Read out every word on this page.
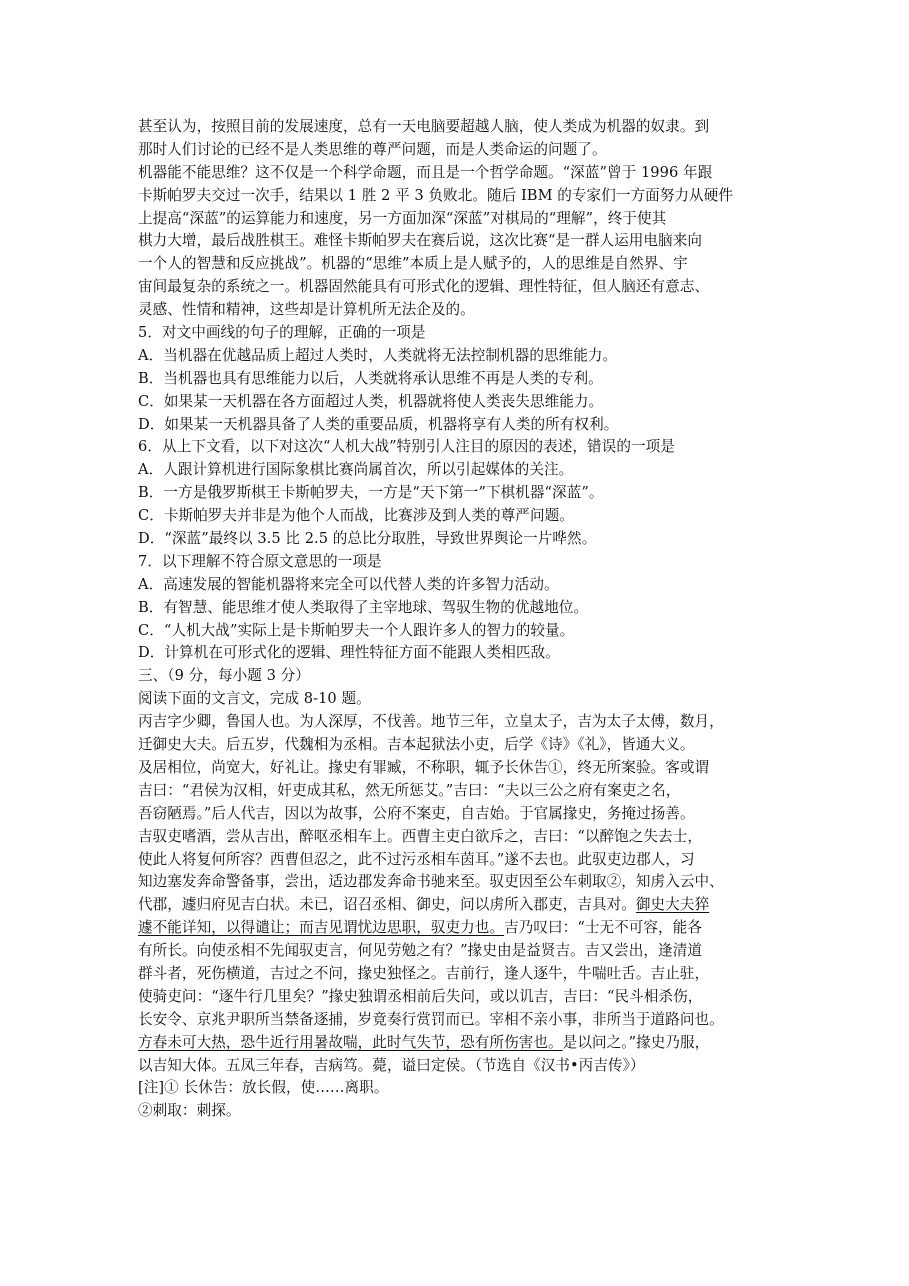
甚至认为，按照目前的发展速度，总有一天电脑要超越人脑，使人类成为机器的奴隶。到
那时人们讨论的已经不是人类思维的尊严问题，而是人类命运的问题了。
机器能不能思维？这不仅是一个科学命题，而且是一个哲学命题。“深蓝”曾于 1996 年跟
卡斯帕罗夫交过一次手，结果以 1 胜 2 平 3 负败北。随后 IBM 的专家们一方面努力从硬件
上提高“深蓝”的运算能力和速度，另一方面加深“深蓝”对棋局的“理解”，终于使其
棋力大增，最后战胜棋王。难怪卡斯帕罗夫在赛后说，这次比赛“是一群人运用电脑来向
一个人的智慧和反应挑战”。机器的“思维”本质上是人赋予的，人的思维是自然界、宇
宙间最复杂的系统之一。机器固然能具有可形式化的逻辑、理性特征，但人脑还有意志、
灵感、性情和精神，这些却是计算机所无法企及的。
5．对文中画线的句子的理解，正确的一项是
A．当机器在优越品质上超过人类时，人类就将无法控制机器的思维能力。
B．当机器也具有思维能力以后，人类就将承认思维不再是人类的专利。
C．如果某一天机器在各方面超过人类，机器就将使人类丧失思维能力。
D．如果某一天机器具备了人类的重要品质，机器将享有人类的所有权利。
6．从上下文看，以下对这次“人机大战”特别引人注目的原因的表述，错误的一项是
A．人跟计算机进行国际象棋比赛尚属首次，所以引起媒体的关注。
B．一方是俄罗斯棋王卡斯帕罗夫，一方是“天下第一”下棋机器“深蓝”。
C．卡斯帕罗夫并非是为他个人而战，比赛涉及到人类的尊严问题。
D．“深蓝”最终以 3.5 比 2.5 的总比分取胜，导致世界舆论一片哗然。
7．以下理解不符合原文意思的一项是
A．高速发展的智能机器将来完全可以代替人类的许多智力活动。
B．有智慧、能思维才使人类取得了主宰地球、驾驭生物的优越地位。
C．“人机大战”实际上是卡斯帕罗夫一个人跟许多人的智力的较量。
D．计算机在可形式化的逻辑、理性特征方面不能跟人类相匹敌。
三、（9 分，每小题 3 分）
阅读下面的文言文，完成 8-10 题。
丙吉字少卿，鲁国人也。为人深厚，不伐善。地节三年，立皇太子，吉为太子太傅，数月，
迁御史大夫。后五岁，代魏相为丞相。吉本起狱法小吏，后学《诗》《礼》，皆通大义。
及居相位，尚宽大，好礼让。掾史有罪臧，不称职，辄予长休告①，终无所案验。客或谓
吉曰：“君侯为汉相，奸吏成其私，然无所惩艾。”吉曰：“夫以三公之府有案吏之名，
吾窃陋焉。”后人代吉，因以为故事，公府不案吏，自吉始。于官属掾史，务掩过扬善。
吉驭吏嗜酒，尝从吉出，醉呕丞相车上。西曹主吏白欲斥之，吉曰：“以醉饱之失去士，
使此人将复何所容？西曹但忍之，此不过污丞相车茵耳。”遂不去也。此驭吏边郡人，习
知边塞发奔命警备事，尝出，适边郡发奔命书驰来至。驭吏因至公车刺取②，知虏入云中、
代郡，遽归府见吉白状。未已，诏召丞相、御史，问以虏所入郡吏，吉具对。御史大夫猝
遽不能详知，以得谴让；而吉见谓忧边思职，驭吏力也。吉乃叹曰：“士无不可容，能各
有所长。向使丞相不先闻驭吏言，何见劳勉之有？”掾史由是益贤吉。吉又尝出，逢清道
群斗者，死伤横道，吉过之不问，掾史独怪之。吉前行，逢人逐牛，牛喘吐舌。吉止驻，
使骑吏问：“逐牛行几里矣？”掾史独谓丞相前后失问，或以讥吉，吉曰：“民斗相杀伤，
长安令、京兆尹职所当禁备逐捕，岁竟奏行赏罚而已。宰相不亲小事，非所当于道路问也。
方春未可大热，恐牛近行用暑故喘，此时气失节，恐有所伤害也。是以问之。”掾史乃服，
以吉知大体。五凤三年春，吉病笃。薨，谥曰定侯。（节选自《汉书•丙吉传》）
[注]① 长休告：放长假，使……离职。
②刺取：刺探。
